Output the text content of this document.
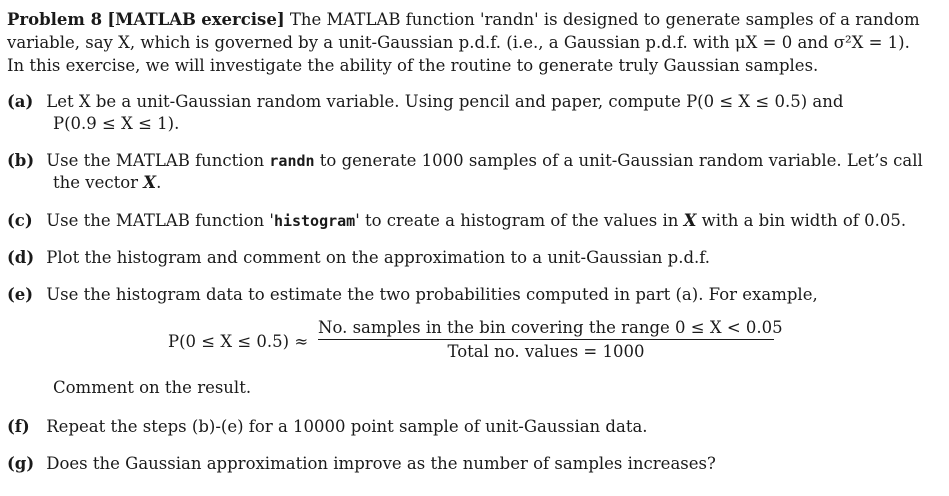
Problem 8 [MATLAB exercise] The MATLAB function 'randn' is designed to generate samples of a random
variable, say X, which is governed by a unit-Gaussian p.d.f. (i.e., a Gaussian p.d.f. with μX = 0 and σ²X = 1).
In this exercise, we will investigate the ability of the routine to generate truly Gaussian samples.
(a) Let X be a unit-Gaussian random variable. Using pencil and paper, compute P(0 ≤ X ≤ 0.5) and
P(0.9 ≤ X ≤ 1).
(b) Use the MATLAB function randn to generate 1000 samples of a unit-Gaussian random variable. Let’s call
the vector X.
(c) Use the MATLAB function 'histogram' to create a histogram of the values in X with a bin width of 0.05.
(d) Plot the histogram and comment on the approximation to a unit-Gaussian p.d.f.
(e) Use the histogram data to estimate the two probabilities computed in part (a). For example,
P(0 ≤ X ≤ 0.5) ≈
No. samples in the bin covering the range 0 ≤ X < 0.05
Total no. values = 1000
Comment on the result.
(f) Repeat the steps (b)-(e) for a 10000 point sample of unit-Gaussian data.
(g) Does the Gaussian approximation improve as the number of samples increases?
